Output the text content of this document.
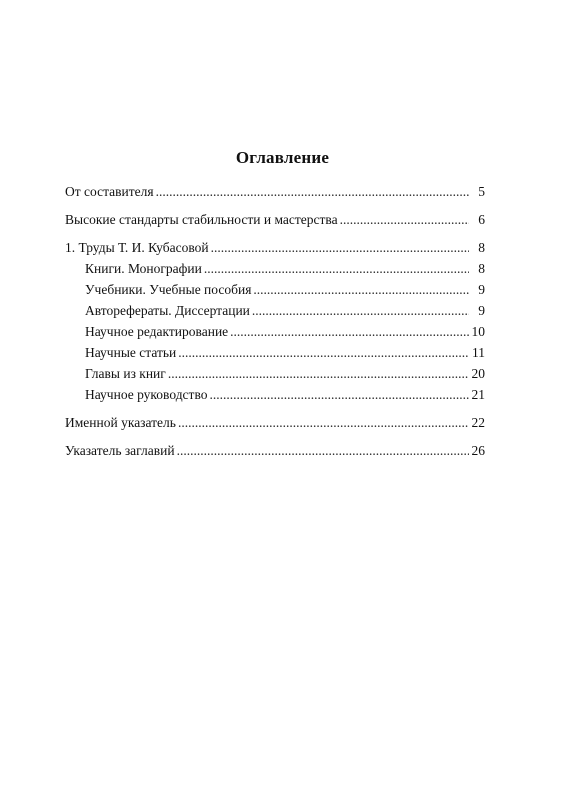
Оглавление
От составителя .....	5
Высокие стандарты стабильности и мастерства .....	6
1. Труды Т. И. Кубасовой .....	8
Книги. Монографии .....	8
Учебники. Учебные пособия .....	9
Авторефераты. Диссертации .....	9
Научное редактирование .....	10
Научные статьи .....	11
Главы из книг .....	20
Научное руководство .....	21
Именной указатель .....	22
Указатель заглавий .....	26
